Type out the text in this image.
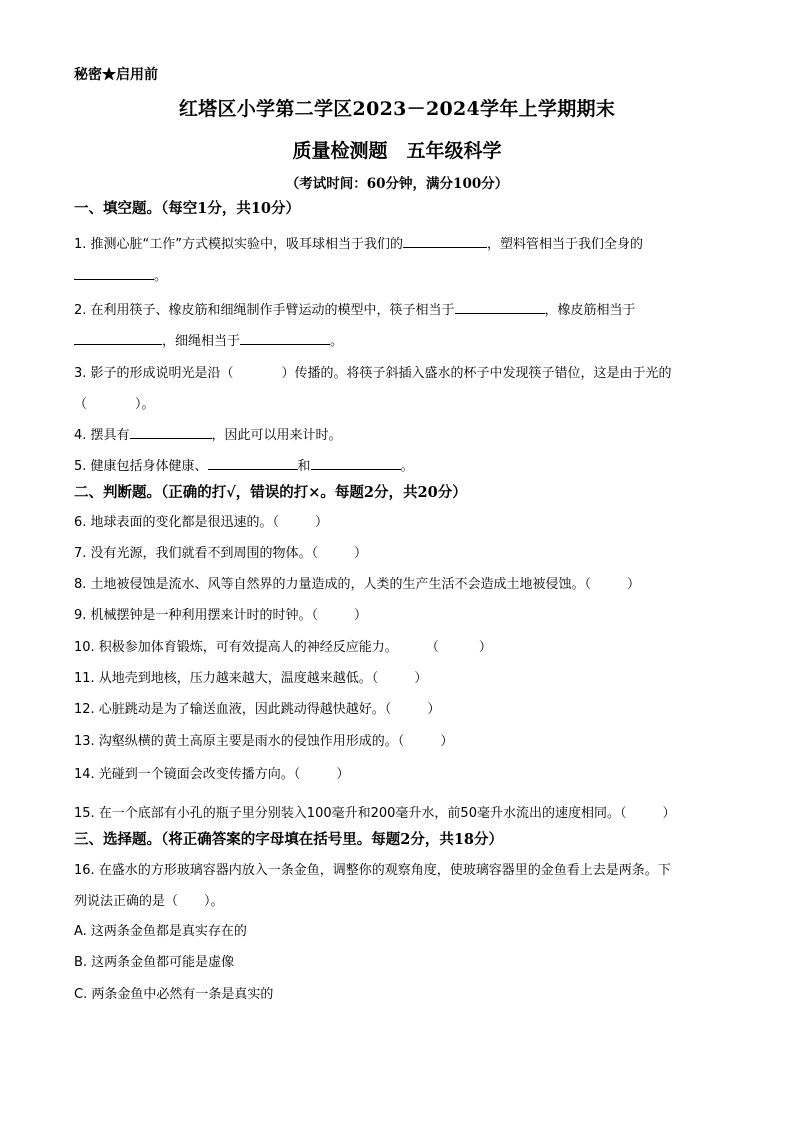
秘密★启用前
红塔区小学第二学区2023－2024学年上学期期末
质量检测题　五年级科学
（考试时间：60分钟，满分100分）
一、填空题。（每空1分，共10分）
1. 推测心脏“工作”方式模拟实验中，吸耳球相当于我们的	，塑料管相当于我们全身的
。
2. 在利用筷子、橡皮筋和细绳制作手臂运动的模型中，筷子相当于	，橡皮筋相当于
，细绳相当于	。
3. 影子的形成说明光是沿（	）传播的。将筷子斜插入盛水的杯子中发现筷子错位，这是由于光的
（	）。
4. 摆具有	，因此可以用来计时。
5. 健康包括身体健康、	和	。
二、判断题。（正确的打√，错误的打×。每题2分，共20分）
6. 地球表面的变化都是很迅速的。（	）
7. 没有光源，我们就看不到周围的物体。（	）
8. 土地被侵蚀是流水、风等自然界的力量造成的，人类的生产生活不会造成土地被侵蚀。（	）
9. 机械摆钟是一种利用摆来计时的时钟。（	）
10. 积极参加体育锻炼，可有效提高人的神经反应能力。 （	）
11. 从地壳到地核，压力越来越大，温度越来越低。（	）
12. 心脏跳动是为了输送血液，因此跳动得越快越好。（	）
13. 沟壑纵横的黄土高原主要是雨水的侵蚀作用形成的。（	）
14. 光碰到一个镜面会改变传播方向。（	）
15. 在一个底部有小孔的瓶子里分别装入100毫升和200毫升水，前50毫升水流出的速度相同。（	）
三、选择题。（将正确答案的字母填在括号里。每题2分，共18分）
16. 在盛水的方形玻璃容器内放入一条金鱼，调整你的观察角度，使玻璃容器里的金鱼看上去是两条。下
列说法正确的是（　　）。
A. 这两条金鱼都是真实存在的
B. 这两条金鱼都可能是虚像
C. 两条金鱼中必然有一条是真实的
